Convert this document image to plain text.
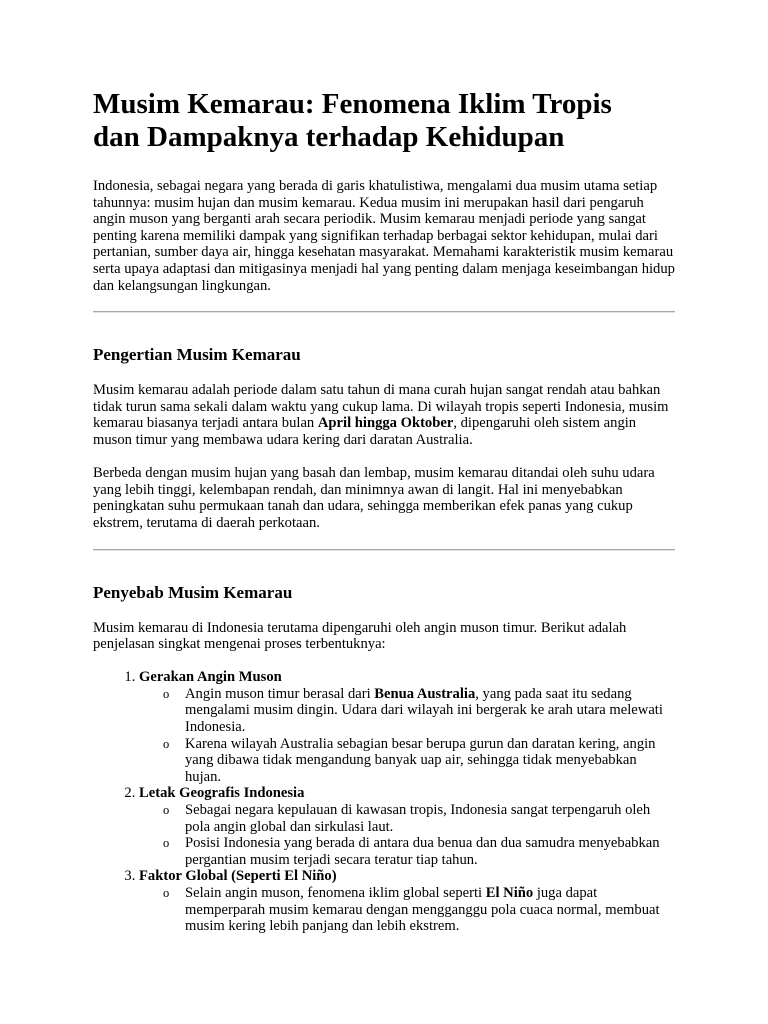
Musim Kemarau: Fenomena Iklim Tropis
dan Dampaknya terhadap Kehidupan

Indonesia, sebagai negara yang berada di garis khatulistiwa, mengalami dua musim utama setiap tahunnya: musim hujan dan musim kemarau. Kedua musim ini merupakan hasil dari pengaruh angin muson yang berganti arah secara periodik. Musim kemarau menjadi periode yang sangat penting karena memiliki dampak yang signifikan terhadap berbagai sektor kehidupan, mulai dari pertanian, sumber daya air, hingga kesehatan masyarakat. Memahami karakteristik musim kemarau serta upaya adaptasi dan mitigasinya menjadi hal yang penting dalam menjaga keseimbangan hidup dan kelangsungan lingkungan.

Pengertian Musim Kemarau

Musim kemarau adalah periode dalam satu tahun di mana curah hujan sangat rendah atau bahkan tidak turun sama sekali dalam waktu yang cukup lama. Di wilayah tropis seperti Indonesia, musim kemarau biasanya terjadi antara bulan April hingga Oktober, dipengaruhi oleh sistem angin muson timur yang membawa udara kering dari daratan Australia.

Berbeda dengan musim hujan yang basah dan lembap, musim kemarau ditandai oleh suhu udara yang lebih tinggi, kelembapan rendah, dan minimnya awan di langit. Hal ini menyebabkan peningkatan suhu permukaan tanah dan udara, sehingga memberikan efek panas yang cukup ekstrem, terutama di daerah perkotaan.

Penyebab Musim Kemarau

Musim kemarau di Indonesia terutama dipengaruhi oleh angin muson timur. Berikut adalah penjelasan singkat mengenai proses terbentuknya:

1. Gerakan Angin Muson
o Angin muson timur berasal dari Benua Australia, yang pada saat itu sedang mengalami musim dingin. Udara dari wilayah ini bergerak ke arah utara melewati Indonesia.
o Karena wilayah Australia sebagian besar berupa gurun dan daratan kering, angin yang dibawa tidak mengandung banyak uap air, sehingga tidak menyebabkan hujan.
2. Letak Geografis Indonesia
o Sebagai negara kepulauan di kawasan tropis, Indonesia sangat terpengaruh oleh pola angin global dan sirkulasi laut.
o Posisi Indonesia yang berada di antara dua benua dan dua samudra menyebabkan pergantian musim terjadi secara teratur tiap tahun.
3. Faktor Global (Seperti El Niño)
o Selain angin muson, fenomena iklim global seperti El Niño juga dapat memperparah musim kemarau dengan mengganggu pola cuaca normal, membuat musim kering lebih panjang dan lebih ekstrem.
